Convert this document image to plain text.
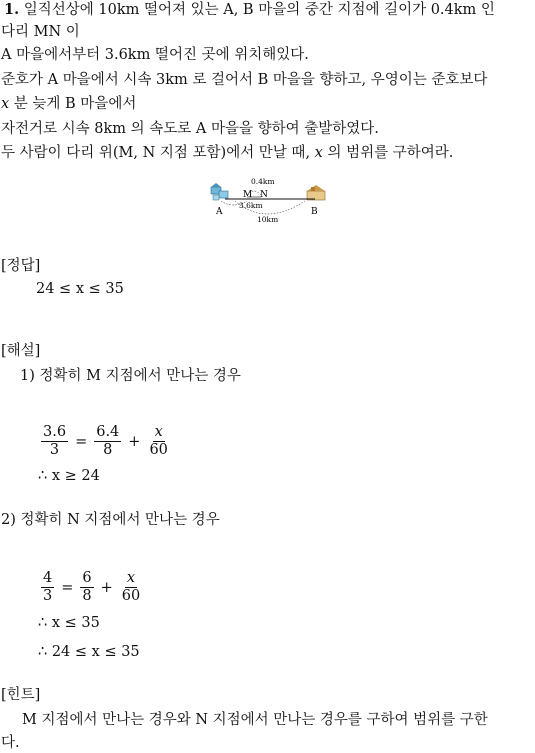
1. 일직선상에 10km 떨어져 있는 A, B 마을의 중간 지점에 길이가 0.4km 인
다리 MN 이
A 마을에서부터 3.6km 떨어진 곳에 위치해있다.
준호가 A 마을에서 시속 3km 로 걸어서 B 마을을 향하고, 우영이는 준호보다
x 분 늦게 B 마을에서
자전거로 시속 8km 의 속도로 A 마을을 향하여 출발하였다.
두 사람이 다리 위(M, N 지점 포함)에서 만날 때, x 의 범위를 구하여라.
0.4km
M N
3.6km
10km
A	B
[정답]
24 ≤ x ≤ 35
[해설]
1) 정확히 M 지점에서 만나는 경우
$\frac{3.6}{3} = \frac{6.4}{8} + \frac{x}{60}$
∴ x ≥ 24
2) 정확히 N 지점에서 만나는 경우
$\frac{4}{3} = \frac{6}{8} + \frac{x}{60}$
∴ x ≤ 35
∴ 24 ≤ x ≤ 35
[힌트]
M 지점에서 만나는 경우와 N 지점에서 만나는 경우를 구하여 범위를 구한
다.
